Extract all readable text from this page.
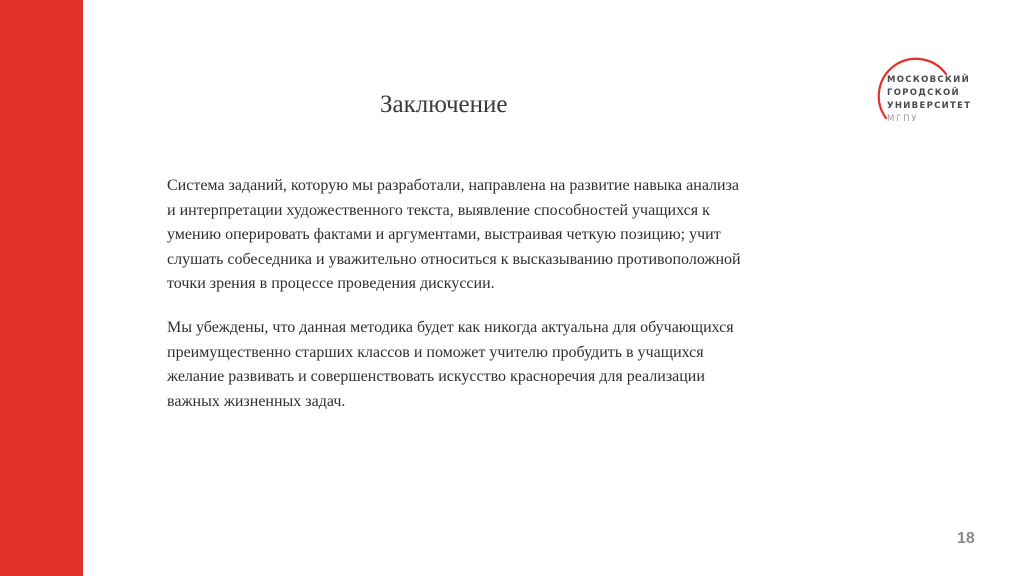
Заключение
Система заданий, которую мы разработали, направлена на развитие навыка анализа
и интерпретации художественного текста, выявление способностей учащихся к
умению оперировать фактами и аргументами, выстраивая четкую позицию; учит
слушать собеседника и уважительно относиться к высказыванию противоположной
точки зрения в процессе проведения дискуссии.
Мы убеждены, что данная методика будет как никогда актуальна для обучающихся
преимущественно старших классов и поможет учителю пробудить в учащихся
желание развивать и совершенствовать искусство красноречия для реализации
важных жизненных задач.
МОСКОВСКИЙ
ГОРОДСКОЙ
УНИВЕРСИТЕТ
МГПУ
18
